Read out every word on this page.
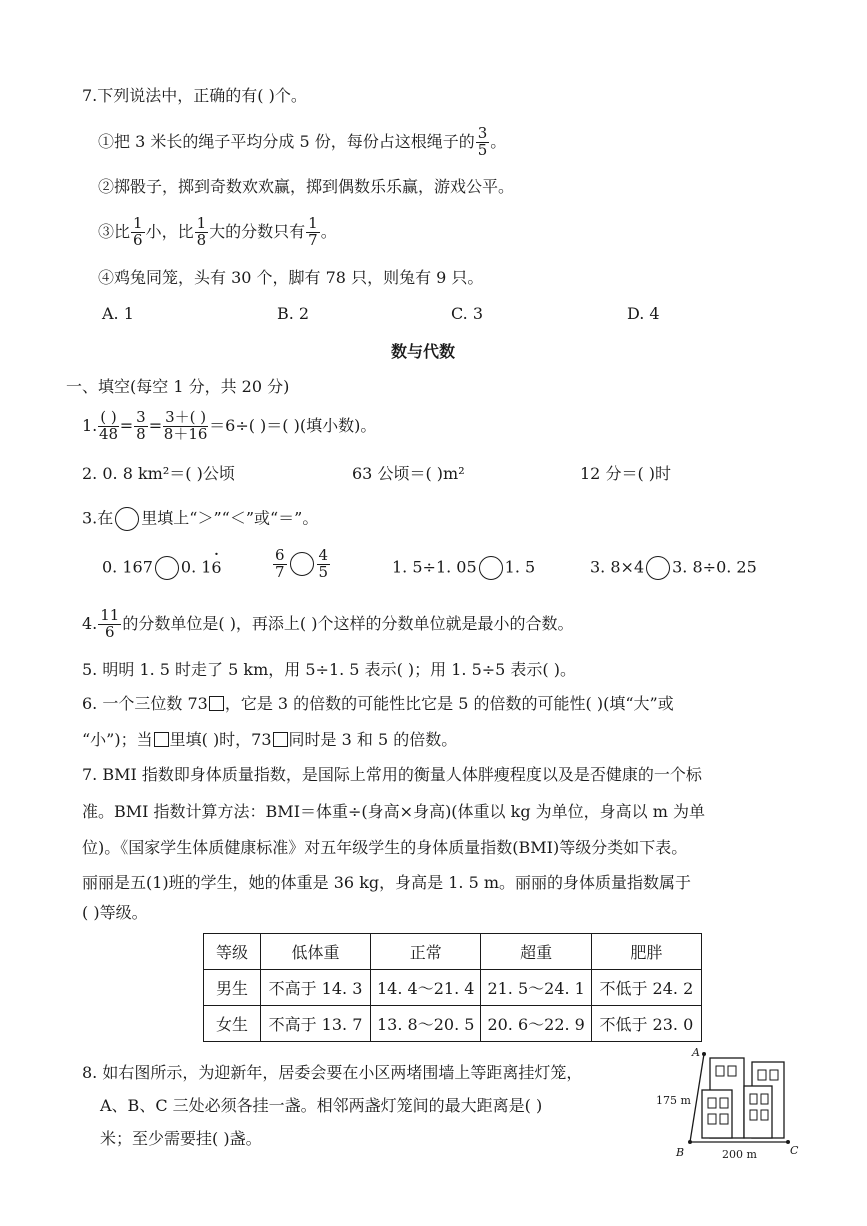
7.下列说法中，正确的有( )个。
①把 3 米长的绳子平均分成 5 份，每份占这根绳子的 $\frac{3}{5}$ 。
②掷骰子，掷到奇数欢欢赢，掷到偶数乐乐赢，游戏公平。
③比 $\frac{1}{6}$ 小，比 $\frac{1}{8}$ 大的分数只有 $\frac{1}{7}$ 。
④鸡兔同笼，头有 30 个，脚有 78 只，则兔有 9 只。
A. 1	B. 2	C. 3	D. 4
数与代数
一、填空(每空 1 分，共 20 分)
1. $\frac{( )}{48} = \frac{3}{8} = \frac{3+( )}{8+16} =6\div$( )＝( )(填小数)。
2. 0. 8 km²＝( )公顷	63 公顷＝( )m²	12 分＝( )时
3.在 里填上“＞”“＜”或“＝”。
0. 167 0. 16 ·	$\frac{6}{7} \frac{4}{5}$	1. 5÷1. 05 1. 5	3. 8×4 3. 8÷0. 25
4. $\frac{11}{6}$ 的分数单位是( )，再添上( )个这样的分数单位就是最小的合数。
5. 明明 1. 5 时走了 5 km，用 5÷1. 5 表示( )；用 1. 5÷5 表示( )。
6. 一个三位数 73 ，它是 3 的倍数的可能性比它是 5 的倍数的可能性( )(填“大”或
“小”)；当 里填( )时，73 同时是 3 和 5 的倍数。
7. BMI 指数即身体质量指数，是国际上常用的衡量人体胖瘦程度以及是否健康的一个标
准。BMI 指数计算方法：BMI＝体重÷(身高×身高)(体重以 kg 为单位，身高以 m 为单
位)。《国家学生体质健康标准》对五年级学生的身体质量指数(BMI)等级分类如下表。
丽丽是五(1)班的学生，她的体重是 36 kg，身高是 1. 5 m。丽丽的身体质量指数属于
( )等级。
等级	低体重	正常	超重	肥胖
男生	不高于 14. 3	14. 4～21. 4	21. 5～24. 1	不低于 24. 2
女生	不高于 13. 7	13. 8～20. 5	20. 6～22. 9	不低于 23. 0
8. 如右图所示，为迎新年，居委会要在小区两堵围墙上等距离挂灯笼，
A、B、C 三处必须各挂一盏。相邻两盏灯笼间的最大距离是( )
米；至少需要挂( )盏。
A
B	C
175 m
200 m
